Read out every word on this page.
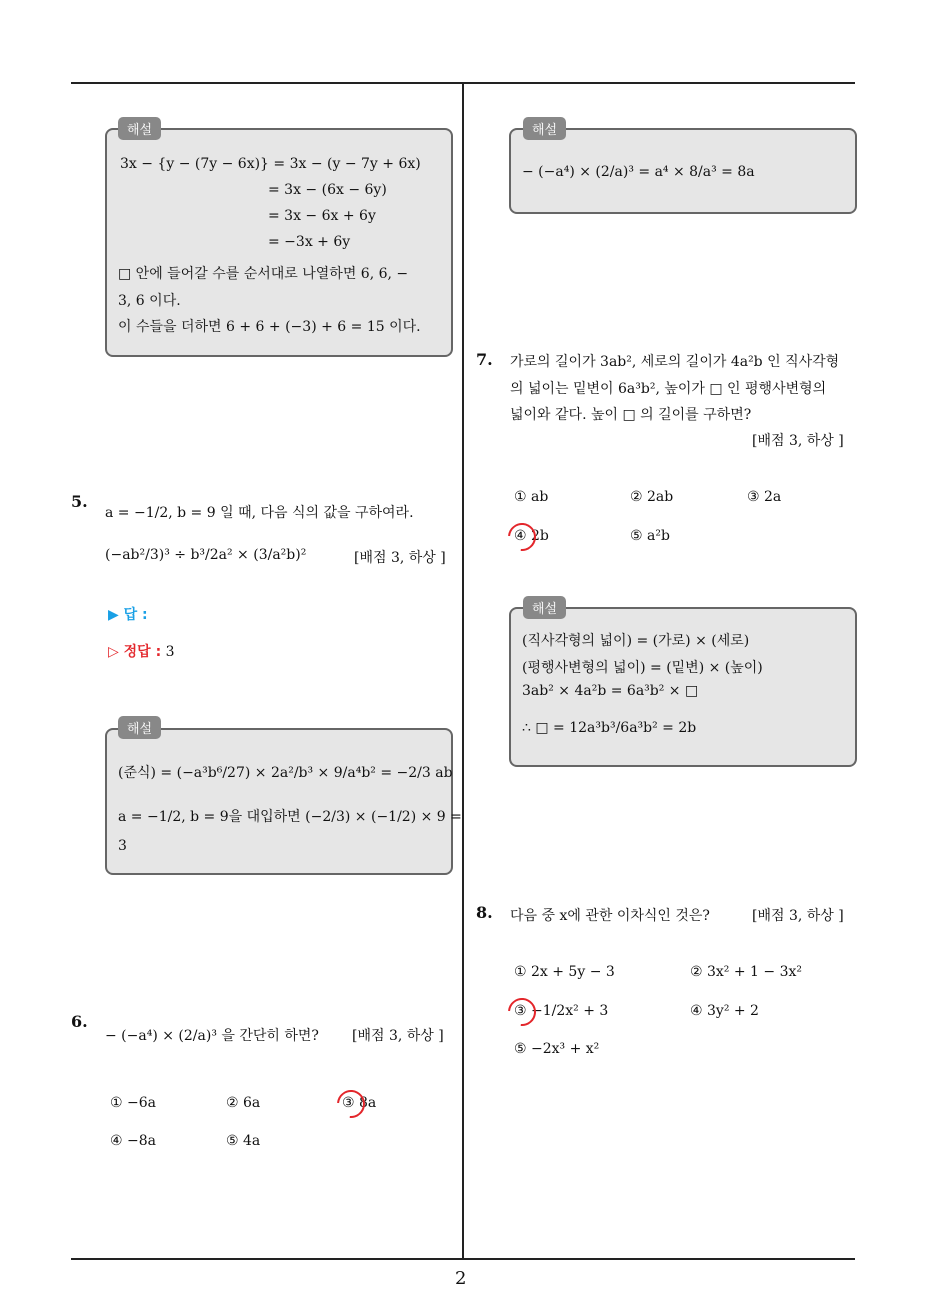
2
해설
3x − {y − (7y − 6x)} = 3x − (y − 7y + 6x)
= 3x − (6x − 6y)
= 3x − 6x + 6y
= −3x + 6y
□ 안에 들어갈 수를 순서대로 나열하면 6, 6, −
3, 6 이다.
이 수들을 더하면 6 + 6 + (−3) + 6 = 15 이다.
5.
a = −1/2, b = 9 일 때, 다음 식의 값을 구하여라.
(−ab²/3)³ ÷ b³/2a² × (3/a²b)²	[배점 3, 하상 ]
▶ 답 :
▷ 정답 : 3
해설
(준식) = (−a³b⁶/27) × 2a²/b³ × 9/a⁴b² = −2/3 ab
a = −1/2, b = 9을 대입하면 (−2/3) × (−1/2) × 9 =
3
6.
− (−a⁴) × (2/a)³ 을 간단히 하면? [배점 3, 하상 ]
① −6a	② 6a	③ 8a
④ −8a	⑤ 4a
해설
− (−a⁴) × (2/a)³ = a⁴ × 8/a³ = 8a
7. 가로의 길이가 3ab², 세로의 길이가 4a²b 인 직사각형
의 넓이는 밑변이 6a³b², 높이가 □ 인 평행사변형의
넓이와 같다. 높이 □ 의 길이를 구하면?
[배점 3, 하상 ]
① ab	② 2ab	③ 2a
④ 2b	⑤ a²b
해설
(직사각형의 넓이) = (가로) × (세로)
(평행사변형의 넓이) = (밑변) × (높이)
3ab² × 4a²b = 6a³b² × □
∴ □ = 12a³b³/6a³b² = 2b
8. 다음 중 x에 관한 이차식인 것은?	[배점 3, 하상 ]
① 2x + 5y − 3	② 3x² + 1 − 3x²
③ −1/2x² + 3	④ 3y² + 2
⑤ −2x³ + x²
